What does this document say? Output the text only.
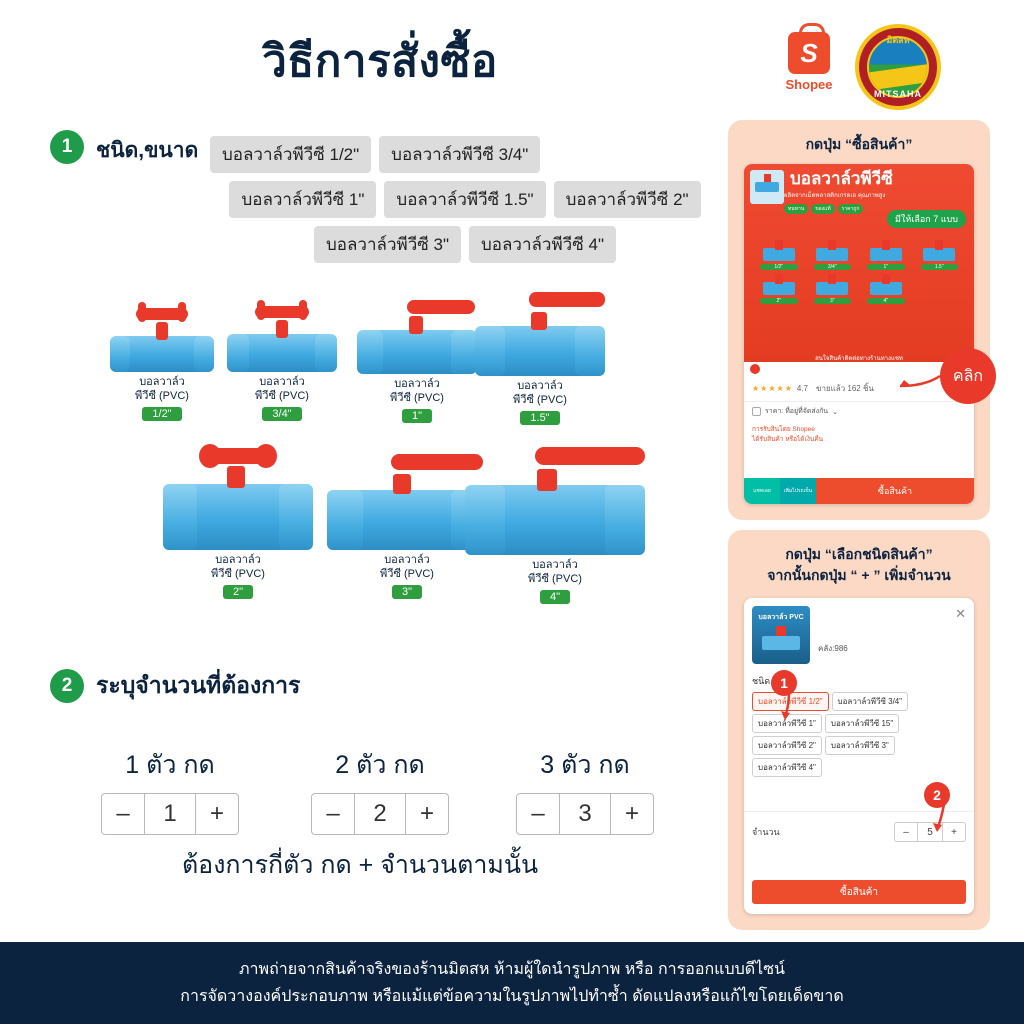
วิธีการสั่งซื้อ	S
Shopee
มิตสห
MITSAHA
1	ชนิด,ขนาด	บอลวาล์วพีวีซี 1/2"	บอลวาล์วพีวีซี 3/4"
บอลวาล์วพีวีซี 1"	บอลวาล์วพีวีซี 1.5"	บอลวาล์วพีวีซี 2"
บอลวาล์วพีวีซี 3"	บอลวาล์วพีวีซี 4"
บอลวาล์ว
พีวีซี (PVC)
1/2"
บอลวาล์ว
พีวีซี (PVC)
3/4"
บอลวาล์ว
พีวีซี (PVC)
1"
บอลวาล์ว
พีวีซี (PVC)
1.5"
บอลวาล์ว
พีวีซี (PVC)
2"
บอลวาล์ว
พีวีซี (PVC)
3"
บอลวาล์ว
พีวีซี (PVC)
4"
2	ระบุจำนวนที่ต้องการ
1 ตัว กด
–	1	+
2 ตัว กด
–	2	+
3 ตัว กด
–	3	+
ต้องการกี่ตัว กด + จำนวนตามนั้น
กดปุ่ม “ซื้อสินค้า”
บอลวาล์วพีวีซี
ผลิตจากเม็ดพลาสติกเกรดเอ คุณภาพสูง
ทนทาน	ของแท้	ราคาถูก
มีให้เลือก 7 แบบ
1/2"	3/4"	1"	1.5"
2"	3"	4"
สนใจสินค้าติดต่อทางร้านทางแชท
★★★★★ 4.7 ขายแล้ว 162 ชิ้น
ราคา: ที่อยู่ที่จัดส่งกัน ⌄
การรับสินโดย Shopee
ได้รับสินค้า หรือได้เงินคืน
แชทเลย	เพิ่มไปรถเข็น	ซื้อสินค้า
คลิก
กดปุ่ม “เลือกชนิดสินค้า”
จากนั้นกดปุ่ม “ + ” เพิ่มจำนวน
บอลวาล์ว PVC
คลัง:986
✕
ชนิด
บอลวาล์วพีวีซี 1/2"	บอลวาล์วพีวีซี 3/4"
บอลวาล์วพีวีซี 1"	บอลวาล์วพีวีซี 15"
บอลวาล์วพีวีซี 2"	บอลวาล์วพีวีซี 3"
บอลวาล์วพีวีซี 4"
จำนวน	–	5	+
ซื้อสินค้า
1
2
ภาพถ่ายจากสินค้าจริงของร้านมิตสห ห้ามผู้ใดนำรูปภาพ หรือ การออกแบบดีไซน์
การจัดวางองค์ประกอบภาพ หรือแม้แต่ข้อความในรูปภาพไปทำซ้ำ ดัดแปลงหรือแก้ไขโดยเด็ดขาด
